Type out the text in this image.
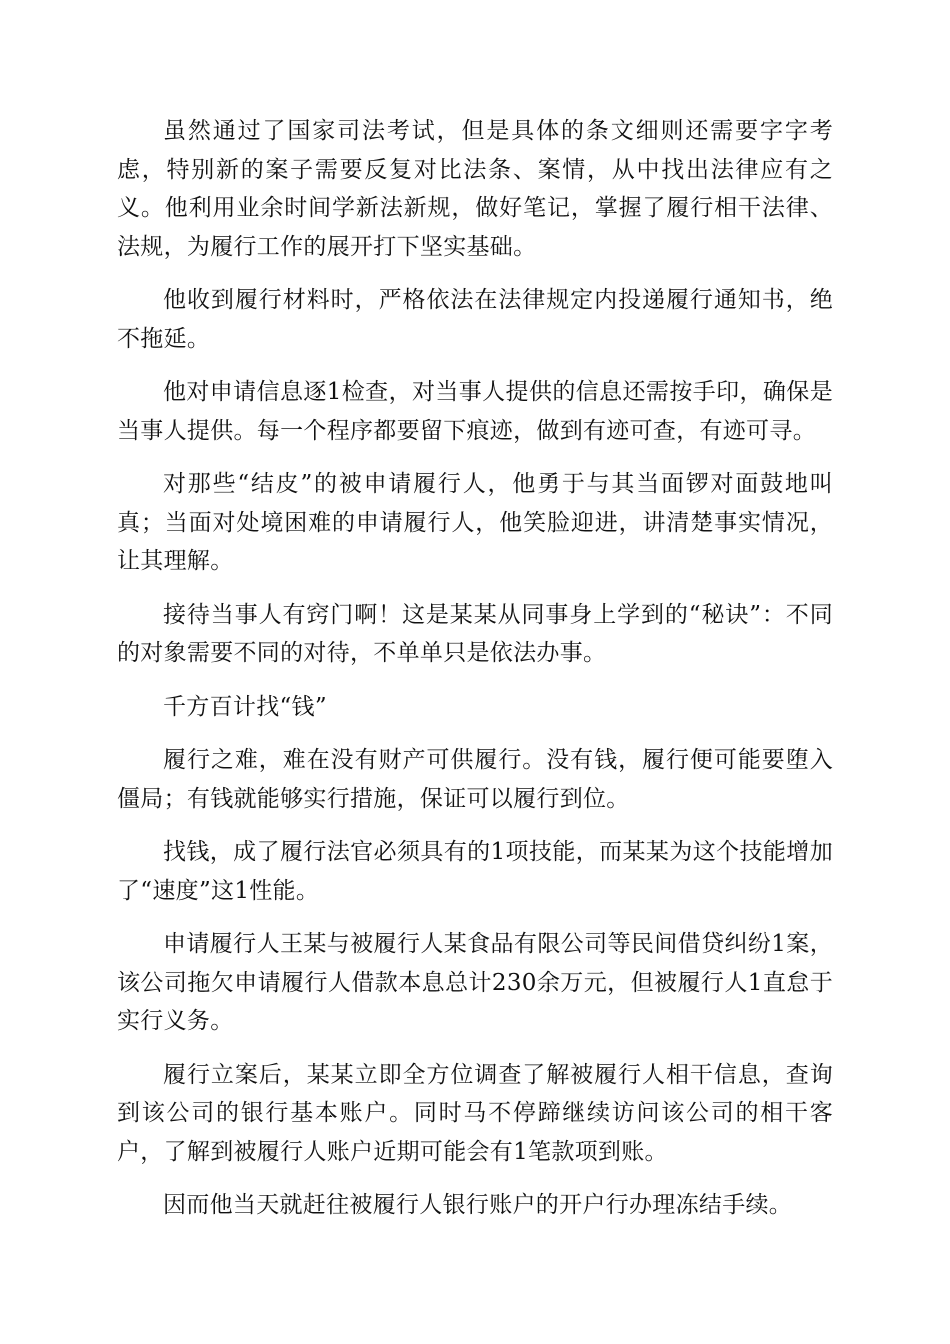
虽然通过了国家司法考试，但是具体的条文细则还需要字字考虑，特别新的案子需要反复对比法条、案情，从中找出法律应有之义。他利用业余时间学新法新规，做好笔记，掌握了履行相干法律、法规，为履行工作的展开打下坚实基础。

他收到履行材料时，严格依法在法律规定内投递履行通知书，绝不拖延。

他对申请信息逐1检查，对当事人提供的信息还需按手印，确保是当事人提供。每一个程序都要留下痕迹，做到有迹可查，有迹可寻。

对那些“结皮”的被申请履行人，他勇于与其当面锣对面鼓地叫真；当面对处境困难的申请履行人，他笑脸迎进，讲清楚事实情况，让其理解。

接待当事人有窍门啊！这是某某从同事身上学到的“秘诀”：不同的对象需要不同的对待，不单单只是依法办事。

千方百计找“钱”

履行之难，难在没有财产可供履行。没有钱，履行便可能要堕入僵局；有钱就能够实行措施，保证可以履行到位。

找钱，成了履行法官必须具有的1项技能，而某某为这个技能增加了“速度”这1性能。

申请履行人王某与被履行人某食品有限公司等民间借贷纠纷1案，该公司拖欠申请履行人借款本息总计230余万元，但被履行人1直怠于实行义务。

履行立案后，某某立即全方位调查了解被履行人相干信息，查询到该公司的银行基本账户。同时马不停蹄继续访问该公司的相干客户，了解到被履行人账户近期可能会有1笔款项到账。

因而他当天就赶往被履行人银行账户的开户行办理冻结手续。
